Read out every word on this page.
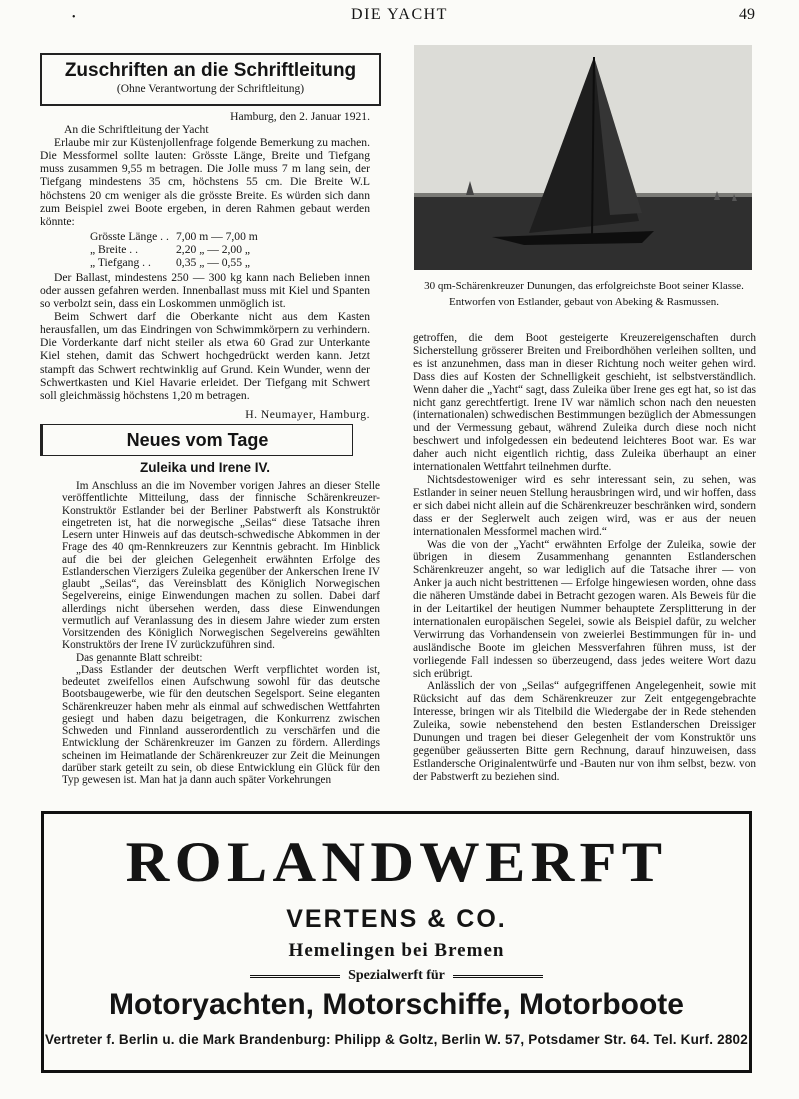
•	DIE YACHT	49
Zuschriften an die Schriftleitung
(Ohne Verantwortung der Schriftleitung)

Hamburg, den 2. Januar 1921.

An die Schriftleitung der Yacht

Erlaube mir zur Küstenjollenfrage folgende Bemerkung zu machen. Die Messformel sollte lauten: Grösste Länge, Breite und Tiefgang muss zusammen 9,55 m betragen. Die Jolle muss 7 m lang sein, der Tiefgang mindestens 35 cm, höchstens 55 cm. Die Breite W.L höchstens 20 cm weniger als die grösste Breite. Es würden sich dann zum Beispiel zwei Boote ergeben, in deren Rahmen gebaut werden könnte:

Grösste Länge . . 7,00 m — 7,00 m
„ Breite . .	2,20 „ — 2,00 „
„ Tiefgang . .	0,35 „ — 0,55 „

Der Ballast, mindestens 250 — 300 kg kann nach Belieben innen oder aussen gefahren werden. Innenballast muss mit Kiel und Spanten so verbolzt sein, dass ein Loskommen unmöglich ist.

Beim Schwert darf die Oberkante nicht aus dem Kasten herausfallen, um das Eindringen von Schwimmkörpern zu verhindern. Die Vorderkante darf nicht steiler als etwa 60 Grad zur Unterkante Kiel stehen, damit das Schwert hochgedrückt werden kann. Jetzt stampft das Schwert rechtwinklig auf Grund. Kein Wunder, wenn der Schwertkasten und Kiel Havarie erleidet. Der Tiefgang mit Schwert soll gleichmässig höchstens 1,20 m betragen.

H. Neumayer, Hamburg.

Neues vom Tage
Zuleika und Irene IV.

Im Anschluss an die im November vorigen Jahres an dieser Stelle veröffentlichte Mitteilung, dass der finnische Schärenkreuzer-Konstruktör Estlander bei der Berliner Pabstwerft als Konstruktör eingetreten ist, hat die norwegische „Seilas“ diese Tatsache ihren Lesern unter Hinweis auf das deutsch-schwedische Abkommen in der Frage des 40 qm-Rennkreuzers zur Kenntnis gebracht. Im Hinblick auf die bei der gleichen Gelegenheit erwähnten Erfolge des Estlanderschen Vierzigers Zuleika gegenüber der Ankerschen Irene IV glaubt „Seilas“, das Vereinsblatt des Königlich Norwegischen Segelvereins, einige Einwendungen machen zu sollen. Dabei darf allerdings nicht übersehen werden, dass diese Einwendungen vermutlich auf Veranlassung des in diesem Jahre wieder zum ersten Vorsitzenden des Königlich Norwegischen Segelvereins gewählten Konstruktörs der Irene IV zurückzuführen sind.

Das genannte Blatt schreibt:

„Dass Estlander der deutschen Werft verpflichtet worden ist, bedeutet zweifellos einen Aufschwung sowohl für das deutsche Bootsbaugewerbe, wie für den deutschen Segelsport. Seine eleganten Schärenkreuzer haben mehr als einmal auf schwedischen Wettfahrten gesiegt und haben dazu beigetragen, die Konkurrenz zwischen Schweden und Finnland ausserordentlich zu verschärfen und die Entwicklung der Schärenkreuzer im Ganzen zu fördern. Allerdings scheinen im Heimatlande der Schärenkreuzer zur Zeit die Meinungen darüber stark geteilt zu sein, ob diese Entwicklung ein Glück für den Typ gewesen ist. Man hat ja dann auch später Vorkehrungen

30 qm-Schärenkreuzer Dunungen, das erfolgreichste Boot seiner Klasse.
Entworfen von Estlander, gebaut von Abeking & Rasmussen.

getroffen, die dem Boot gesteigerte Kreuzereigenschaften durch Sicherstellung grösserer Breiten und Freibordhöhen verleihen sollten, und es ist anzunehmen, dass man in dieser Richtung noch weiter gehen wird. Dass dies auf Kosten der Schnelligkeit geschieht, ist selbstverständlich. Wenn daher die „Yacht“ sagt, dass Zuleika über Irene ges egt hat, so ist das nicht ganz gerechtfertigt. Irene IV war nämlich schon nach den neuesten (internationalen) schwedischen Bestimmungen bezüglich der Abmessungen und der Vermessung gebaut, während Zuleika durch diese noch nicht beschwert und infolgedessen ein bedeutend leichteres Boot war. Es war daher auch nicht eigentlich richtig, dass Zuleika überhaupt an einer internationalen Wettfahrt teilnehmen durfte.

Nichtsdestoweniger wird es sehr interessant sein, zu sehen, was Estlander in seiner neuen Stellung herausbringen wird, und wir hoffen, dass er sich dabei nicht allein auf die Schärenkreuzer beschränken wird, sondern dass er der Seglerwelt auch zeigen wird, was er aus der neuen internationalen Messformel machen wird.“

Was die von der „Yacht“ erwähnten Erfolge der Zuleika, sowie der übrigen in diesem Zusammenhang genannten Estlanderschen Schärenkreuzer angeht, so war lediglich auf die Tatsache ihrer — von Anker ja auch nicht bestrittenen — Erfolge hingewiesen worden, ohne dass die näheren Umstände dabei in Betracht gezogen waren. Als Beweis für die in der Leitartikel der heutigen Nummer behauptete Zersplitterung in der internationalen europäischen Segelei, sowie als Beispiel dafür, zu welcher Verwirrung das Vorhandensein von zweierlei Bestimmungen für in- und ausländische Boote im gleichen Messverfahren führen muss, ist der vorliegende Fall indessen so überzeugend, dass jedes weitere Wort dazu sich erübrigt.

Anlässlich der von „Seilas“ aufgegriffenen Angelegenheit, sowie mit Rücksicht auf das dem Schärenkreuzer zur Zeit entgegengebrachte Interesse, bringen wir als Titelbild die Wiedergabe der in Rede stehenden Zuleika, sowie nebenstehend den besten Estlanderschen Dreissiger Dunungen und tragen bei dieser Gelegenheit der vom Konstruktör uns gegenüber geäusserten Bitte gern Rechnung, darauf hinzuweisen, dass Estlandersche Originalentwürfe und -Bauten nur von ihm selbst, bezw. von der Pabstwerft zu beziehen sind.

ROLANDWERFT
VERTENS & CO.
Hemelingen bei Bremen
Spezialwerft für
Motoryachten, Motorschiffe, Motorboote
Vertreter f. Berlin u. die Mark Brandenburg: Philipp & Goltz, Berlin W. 57, Potsdamer Str. 64. Tel. Kurf. 2802
